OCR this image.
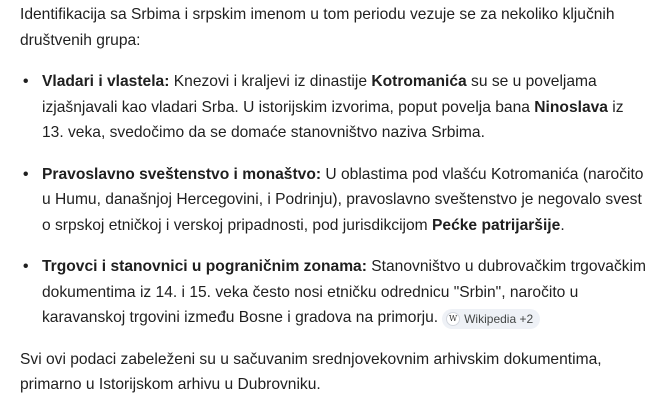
Identifikacija sa Srbima i srpskim imenom u tom periodu vezuje se za nekoliko ključnih društvenih grupa:

• Vladari i vlastela: Knezovi i kraljevi iz dinastije Kotromanića su se u poveljama izjašnjavali kao vladari Srba. U istorijskim izvorima, poput povelja bana Ninoslava iz 13. veka, svedočimo da se domaće stanovništvo naziva Srbima.
• Pravoslavno sveštenstvo i monaštvo: U oblastima pod vlašću Kotromanića (naročito u Humu, današnjoj Hercegovini, i Podrinju), pravoslavno sveštenstvo je negovalo svest o srpskoj etničkoj i verskoj pripadnosti, pod jurisdikcijom Pećke patrijaršije.
• Trgovci i stanovnici u pograničnim zonama: Stanovništvo u dubrovačkim trgovačkim dokumentima iz 14. i 15. veka često nosi etničku odrednicu "Srbin", naročito u karavanskoj trgovini između Bosne i gradova na primorju.	W Wikipedia +2

Svi ovi podaci zabeleženi su u sačuvanim srednjovekovnim arhivskim dokumentima, primarno u Istorijskom arhivu u Dubrovniku.
